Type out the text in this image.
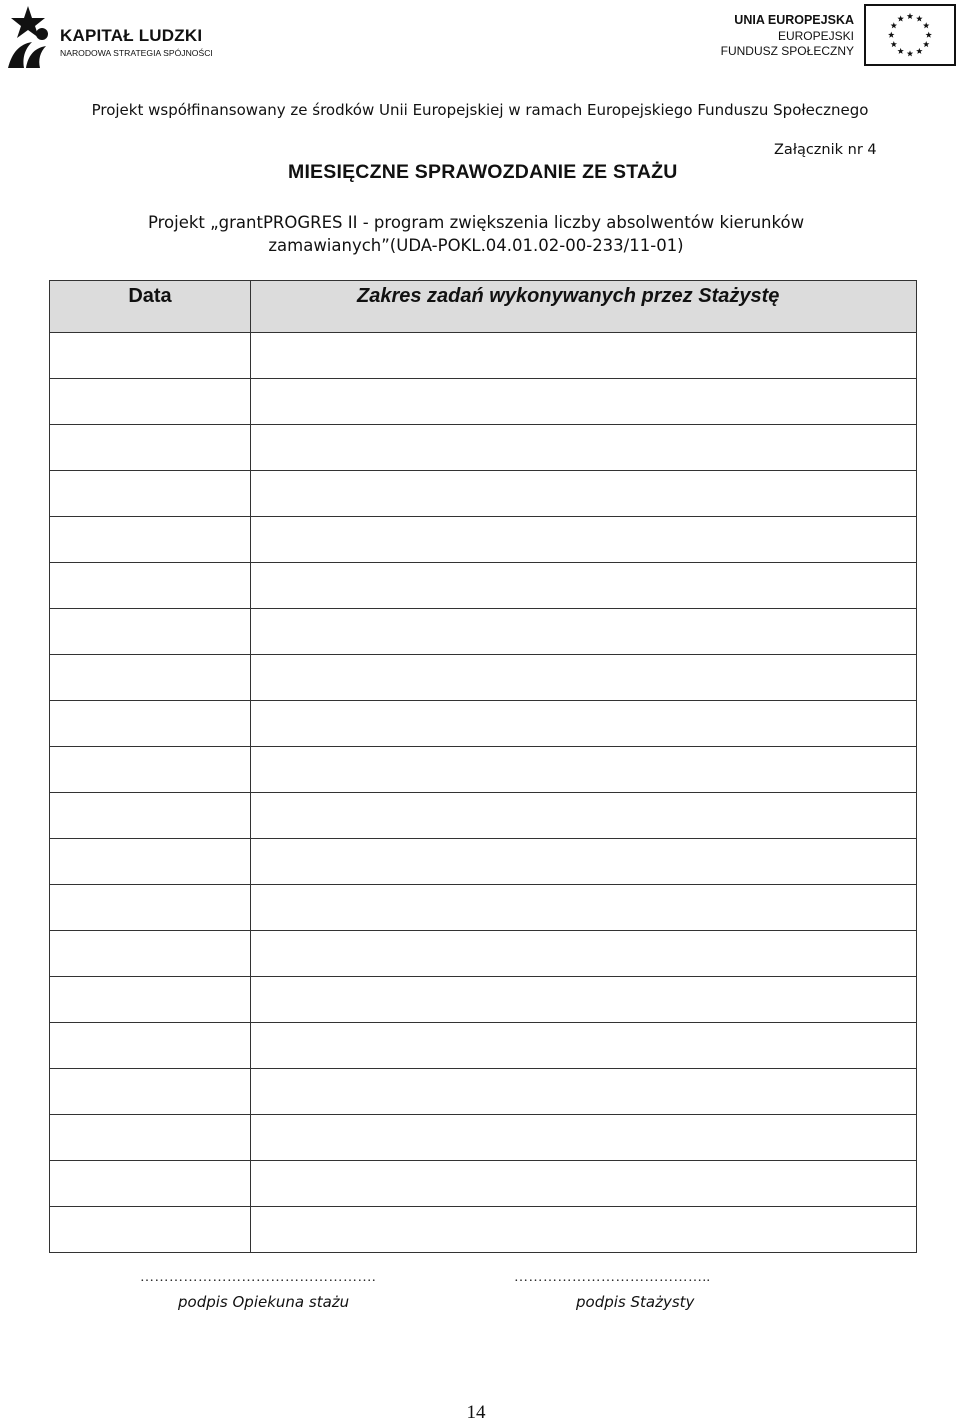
KAPITAŁ LUDZKI
NARODOWA STRATEGIA SPÓJNOŚCI
UNIA EUROPEJSKA
EUROPEJSKI
FUNDUSZ SPOŁECZNY
Projekt współfinansowany ze środków Unii Europejskiej w ramach Europejskiego Funduszu Społecznego
Załącznik nr 4
MIESIĘCZNE SPRAWOZDANIE ZE STAŻU
Projekt „grantPROGRES II - program zwiększenia liczby absolwentów kierunków
zamawianych”(UDA-POKL.04.01.02-00-233/11-01)
Data	Zakres zadań wykonywanych przez Stażystę

………………………………………….	…………………………………..
podpis Opiekuna stażu	podpis Stażysty
14
